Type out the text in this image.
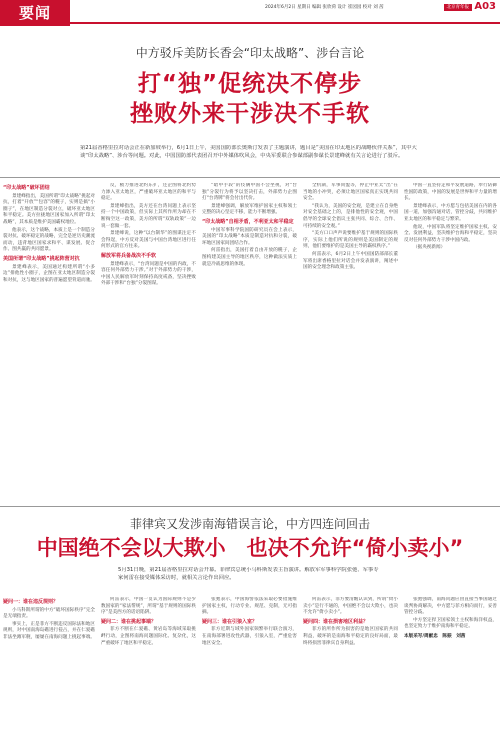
要闻	2024年6月2日 星期日 编辑 张欣荷 设计 崔园园 校对 刘 茜	北京青年报 A03
中方驳斥美防长香会“印太战略”、涉台言论
打“独”促统决不停步
挫败外来干涉决不手软
第21届香格里拉对话会正在新加坡举行，6月1日上午，美国国防部长奥斯汀发表了主题演讲，题目是“美国在印太地区的战略伙伴关系”，其中大谈“印太战略”、涉台等问题。对此，中国国防部代表团召开中外媒体吹风会，中央军委联合参谋部副参谋长景建峰就有关言论进行了驳斥。
“印太战略”破坏团结
景建峰指出，美国所谓“印太战略”挑起对抗，打着“开放”“包容”的幌子，实则是搞“小圈子”，在地区制造分裂对立，破坏亚太地区和平稳定。美方拉拢地区国家加入所谓“印太战略”，其本质是维护美国霸权地位。
他表示，这个战略，本质上是一个制造分裂对抗、破坏稳定的战略，完全是逆历史潮流而动，违背地区国家求和平、谋发展、促合作、图共赢的共同愿景。
美国所谓“印太战略”挑起阵营对抗
景建峰表示，美国通过构建所谓“小多边”排他性小圈子，企图在亚太地区制造分裂和对抗，这与地区国家的普遍愿望背道而驰。
反，极力推进北约东扩，还企图将北约势力渗入亚太地区，严重破坏亚太地区的和平与稳定。
景建峰指出，美方还在台湾问题上表示坚持一个中国政策，但实际上其所作所为却在不断掏空这一政策，美方的所谓“双轨政策”一边说一套做一套。
景建峰说，这种“以台制华”的图谋注定不会得逞，中方反对美国与中国台湾地区进行任何形式的官方往来。
解放军将兵备战决不手软
景建峰表示，“台湾问题是中国的内政，不容任何外部势力干涉。”对于外部势力的干涉，中国人民解放军时刻保持高度戒备，坚决挫败外部干涉和“台独”分裂图谋。
“暗中手段”的伎俩中国不会坐视，对“台独”分裂行为将予以坚决打击，外部势力企图打“台湾牌”将会付出代价。
景建峰强调，解放军维护国家主权和领土完整的决心坚定不移，能力不断增强。
“印太战略”自相矛盾，不利亚太和平稳定
中国军事科学院国防研究员在会上表示，美国的“印太战略”本质是制造对抗和分裂，破坏地区国家间团结合作。
何雷指出，美国打着自由开放的幌子，企图构建美国主导的地区秩序，这种做法实质上就是冷战思维的体现。
全机制，军事同盟等，停止中亚太“出”在当地的小冲突，必须让地区国家真正实现共同安全。
“我认为，美国的安全观，是建立在自身绝对安全基础之上的，是排他性的安全观，中国倡导的全球安全倡议主张共同、综合、合作、可持续的安全观。”
“美方口口声声说要维护基于规则的国际秩序，实际上他们所说的规则是美国制定的规则，他们要维护的是美国主导的霸权秩序。”
何雷表示，6月2日上午中国国防部部长董军将出席香格里拉对话会并发表演讲，阐述中国的安全理念和政策主张。
中国一直坚持走和平发展道路，奉行防御性国防政策，中国的发展是世界和平力量的增长。
景建峰表示，中方愿与包括美国在内的各国一道，加强沟通对话，管控分歧，共同维护亚太地区的和平稳定与繁荣。
他说，中国军队将坚定维护国家主权、安全、发展利益，坚决维护台海和平稳定，坚决反对任何外部势力干涉中国内政。
（据央视新闻）
菲律宾又发涉南海错误言论，中方四连问回击
中国绝不会以大欺小　也决不允许“倚小卖小”
5月31日晚，第21届香格里拉对话会开幕。菲律宾总统小马科斯发表主旨演讲。解放军军事科学院张弛、军事专家何雷在接受媒体采访时，就相关言论作出回应。
疑问一：谁在违反规则？
小马科斯所谓的中方“破坏国际秩序”完全是无端指责。
事实上，正是菲方不断违反国际法和地区规则，对中国南海岛礁进行侵占，并在仁爱礁非法坐滩军舰，屡屡在南海问题上挑起事端。
何雷表示，中国一贯认为国际规则不是少数国家的“家法帮规”，所谓“基于规则的国际秩序”是美西方的话语陷阱。
疑问二：谁在挑起事端？
菲方不断在仁爱礁、黄岩岛等海域采取挑衅行动，企图将南海问题国际化、复杂化，这严重破坏了地区和平稳定。
张弛表示，中国海警依法采取必要措施维护国家主权，行动专业、规范、克制，无可指摘。
疑问三：谁在引狼入室？
菲方近期与域外国家频繁举行联合演习，在南海部署进攻性武器，引狼入室，严重危害地区安全。
何雷表示，菲方要清醒认识到，所谓“倚小卖小”是行不通的，中国绝不会以大欺小，也决不允许“倚小卖小”。
疑问四：谁在损害地区利益？
菲方的所作所为损害的是地区国家的共同利益，破坏的是南海和平稳定的良好局面，最终将损害菲律宾自身利益。
张弛强调，南海问题应由直接当事国通过谈判协商解决，中方愿与菲方相向而行，妥善管控分歧。
中方坚定捍卫国家领土主权和海洋权益，也坚定致力于维护南海和平稳定。
本版采写/周献忠　陈振　刘茜
